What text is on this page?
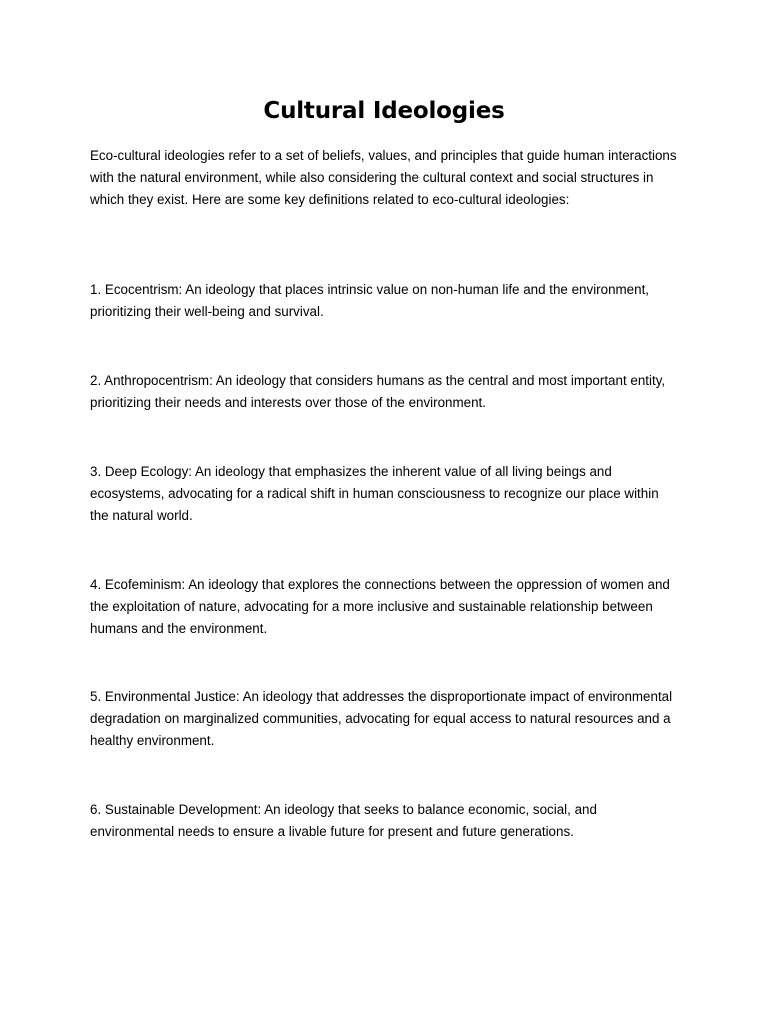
Cultural Ideologies

Eco-cultural ideologies refer to a set of beliefs, values, and principles that guide human interactions with the natural environment, while also considering the cultural context and social structures in which they exist. Here are some key definitions related to eco-cultural ideologies:

1. Ecocentrism: An ideology that places intrinsic value on non-human life and the environment, prioritizing their well-being and survival.

2. Anthropocentrism: An ideology that considers humans as the central and most important entity, prioritizing their needs and interests over those of the environment.

3. Deep Ecology: An ideology that emphasizes the inherent value of all living beings and ecosystems, advocating for a radical shift in human consciousness to recognize our place within the natural world.

4. Ecofeminism: An ideology that explores the connections between the oppression of women and the exploitation of nature, advocating for a more inclusive and sustainable relationship between humans and the environment.

5. Environmental Justice: An ideology that addresses the disproportionate impact of environmental degradation on marginalized communities, advocating for equal access to natural resources and a healthy environment.

6. Sustainable Development: An ideology that seeks to balance economic, social, and environmental needs to ensure a livable future for present and future generations.
